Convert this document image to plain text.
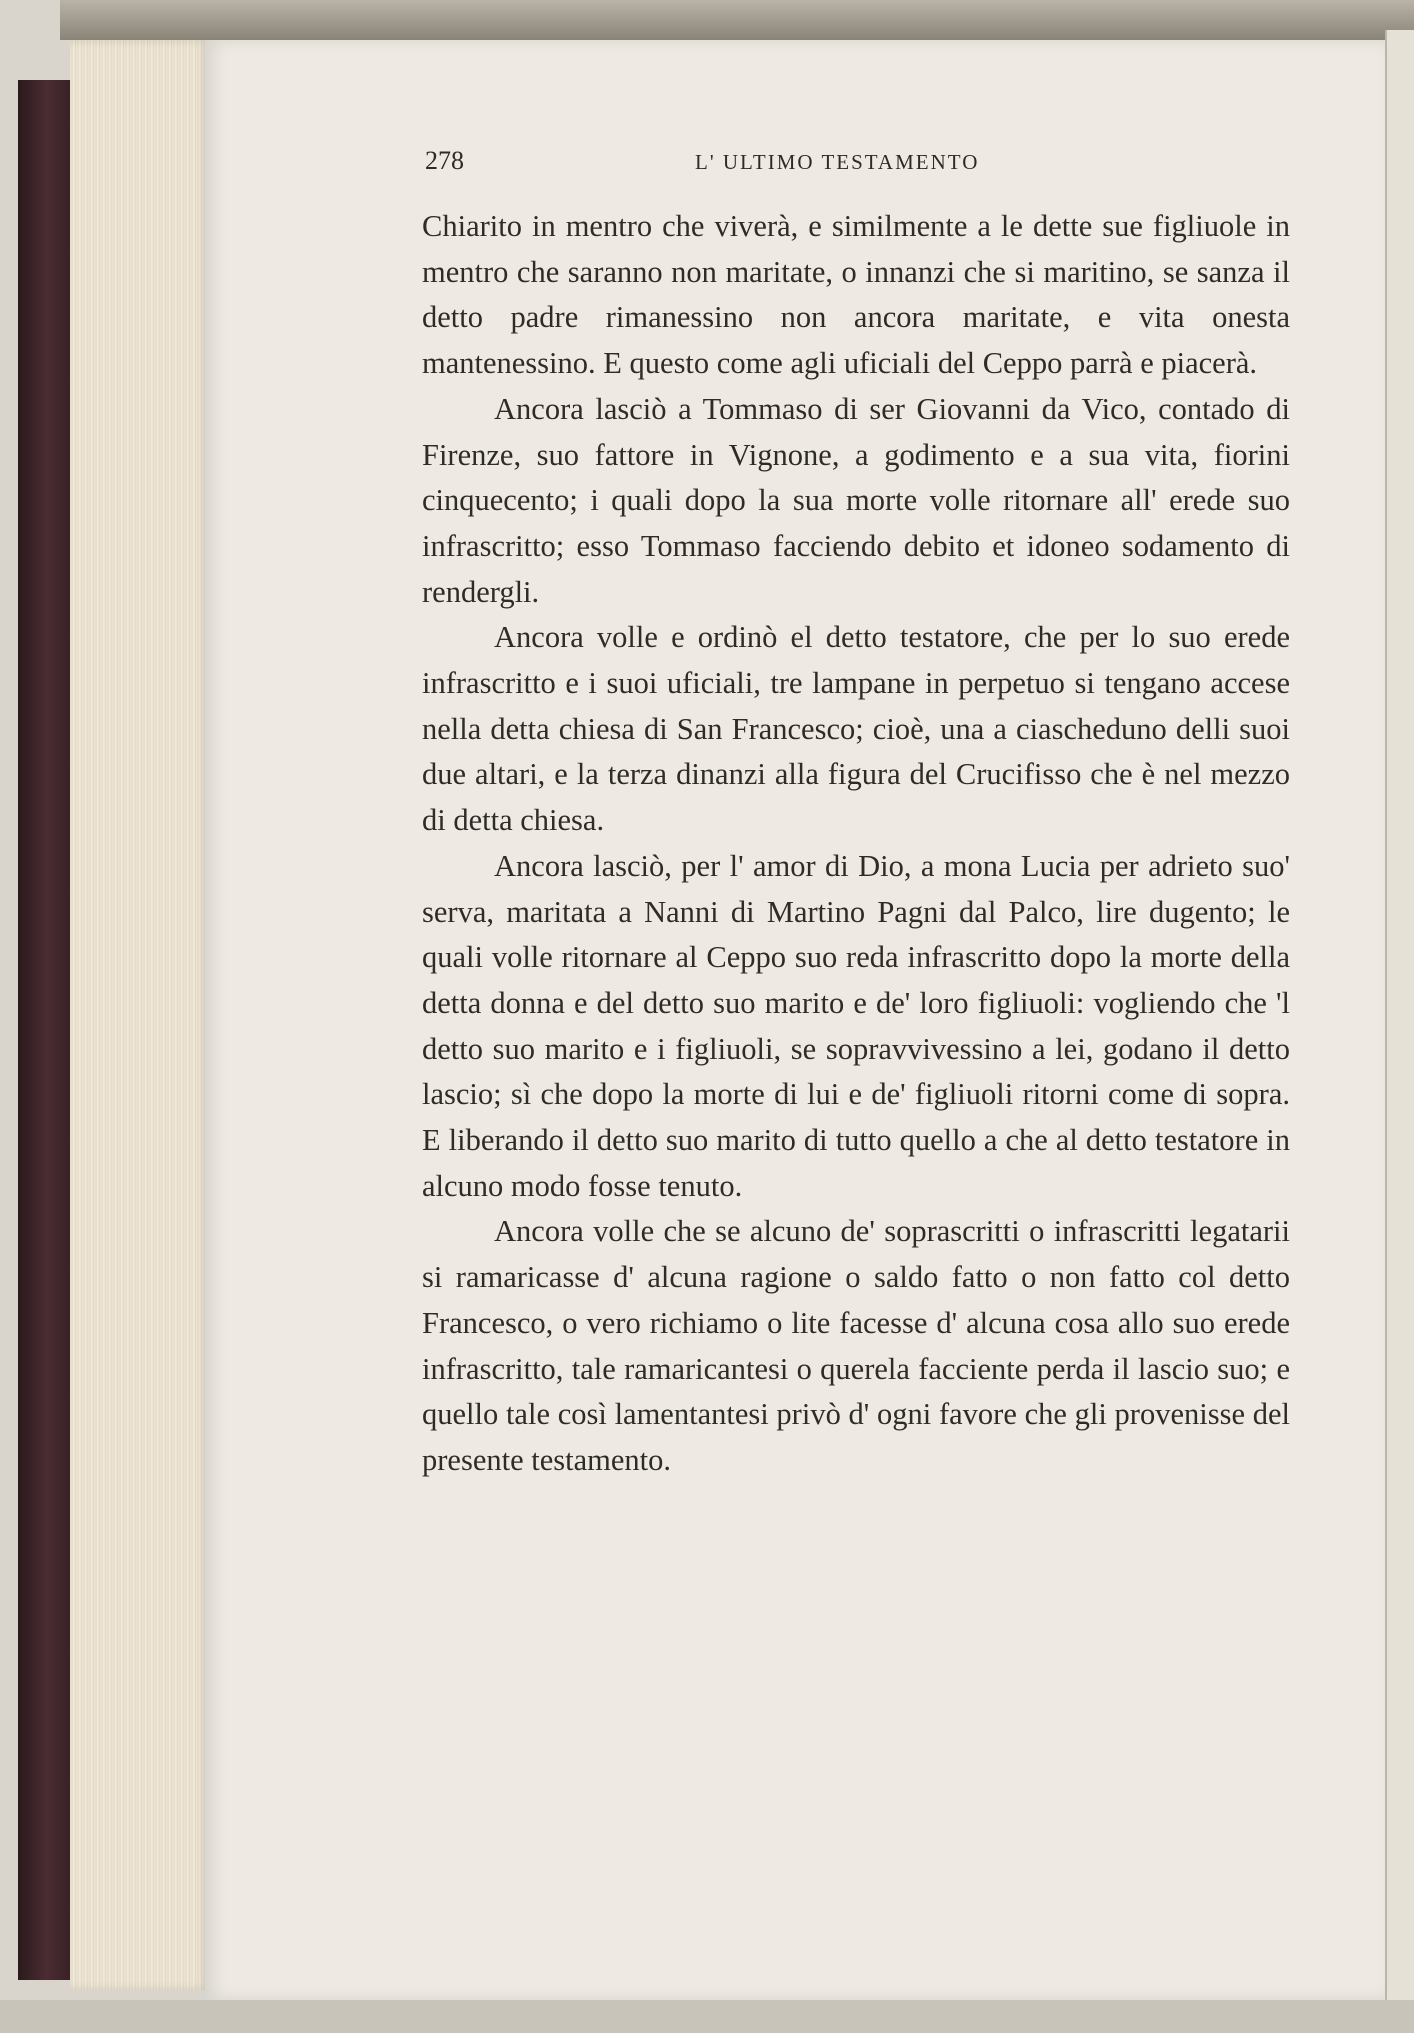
278	L' ULTIMO TESTAMENTO

Chiarito in mentro che viverà, e similmente a le dette sue figliuole in mentro che saranno non maritate, o innanzi che si maritino, se sanza il detto padre rimanessino non ancora maritate, e vita onesta mantenessino. E questo come agli uficiali del Ceppo parrà e piacerà.

Ancora lasciò a Tommaso di ser Giovanni da Vico, contado di Firenze, suo fattore in Vignone, a godimento e a sua vita, fiorini cinquecento; i quali dopo la sua morte volle ritornare all' erede suo infrascritto; esso Tommaso facciendo debito et idoneo sodamento di rendergli.

Ancora volle e ordinò el detto testatore, che per lo suo erede infrascritto e i suoi uficiali, tre lampane in perpetuo si tengano accese nella detta chiesa di San Francesco; cioè, una a ciascheduno delli suoi due altari, e la terza dinanzi alla figura del Crucifisso che è nel mezzo di detta chiesa.

Ancora lasciò, per l' amor di Dio, a mona Lucia per adrieto suo' serva, maritata a Nanni di Martino Pagni dal Palco, lire dugento; le quali volle ritornare al Ceppo suo reda infrascritto dopo la morte della detta donna e del detto suo marito e de' loro figliuoli: vogliendo che 'l detto suo marito e i figliuoli, se sopravvivessino a lei, godano il detto lascio; sì che dopo la morte di lui e de' figliuoli ritorni come di sopra. E liberando il detto suo marito di tutto quello a che al detto testatore in alcuno modo fosse tenuto.

Ancora volle che se alcuno de' soprascritti o infrascritti legatarii si ramaricasse d' alcuna ragione o saldo fatto o non fatto col detto Francesco, o vero richiamo o lite facesse d' alcuna cosa allo suo erede infrascritto, tale ramaricantesi o querela facciente perda il lascio suo; e quello tale così lamentantesi privò d' ogni favore che gli provenisse del presente testamento.
